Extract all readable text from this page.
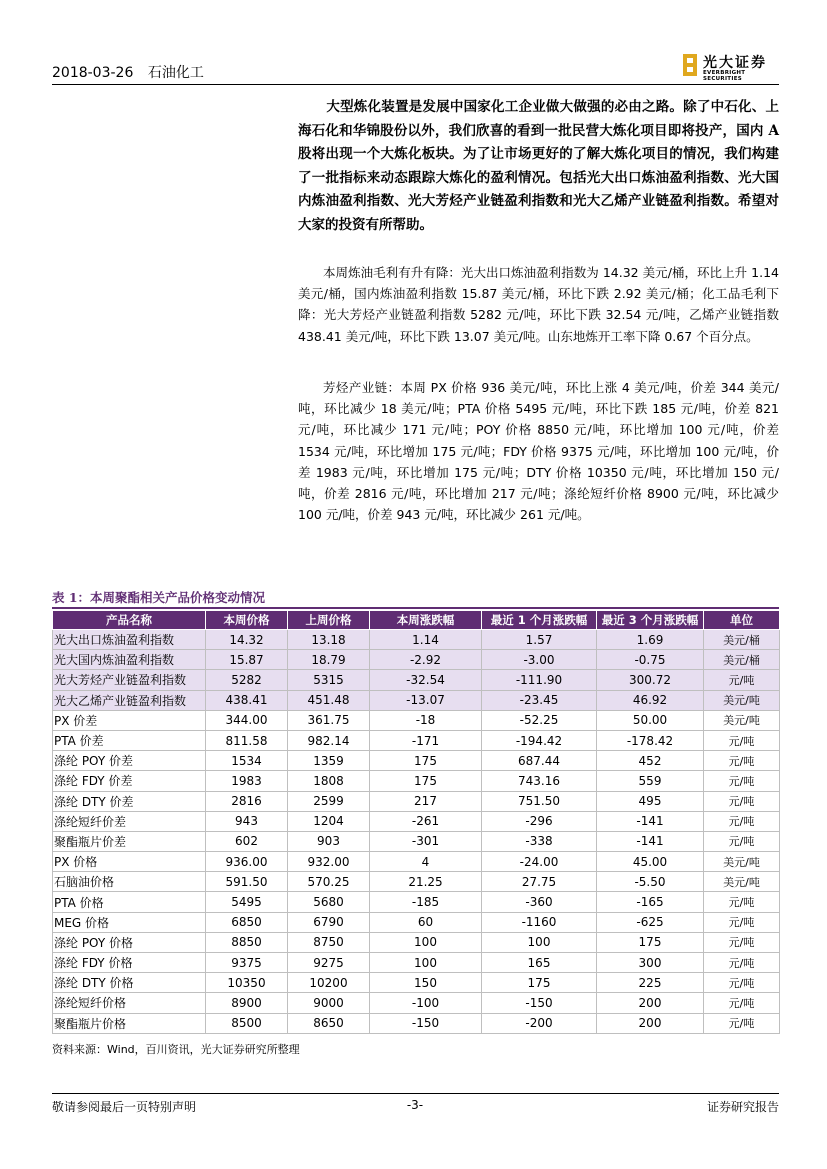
2018-03-26 石油化工
光大证券
EVERBRIGHT SECURITIES

大型炼化装置是发展中国家化工企业做大做强的必由之路。除了中石化、上海石化和华锦股份以外，我们欣喜的看到一批民营大炼化项目即将投产，国内 A 股将出现一个大炼化板块。为了让市场更好的了解大炼化项目的情况，我们构建了一批指标来动态跟踪大炼化的盈利情况。包括光大出口炼油盈利指数、光大国内炼油盈利指数、光大芳烃产业链盈利指数和光大乙烯产业链盈利指数。希望对大家的投资有所帮助。

本周炼油毛利有升有降：光大出口炼油盈利指数为 14.32 美元/桶，环比上升 1.14 美元/桶，国内炼油盈利指数 15.87 美元/桶，环比下跌 2.92 美元/桶；化工品毛利下降：光大芳烃产业链盈利指数 5282 元/吨，环比下跌 32.54 元/吨，乙烯产业链指数 438.41 美元/吨，环比下跌 13.07 美元/吨。山东地炼开工率下降 0.67 个百分点。

芳烃产业链：本周 PX 价格 936 美元/吨，环比上涨 4 美元/吨，价差 344 美元/吨，环比减少 18 美元/吨；PTA 价格 5495 元/吨，环比下跌 185 元/吨，价差 821 元/吨，环比减少 171 元/吨；POY 价格 8850 元/吨，环比增加 100 元/吨，价差 1534 元/吨，环比增加 175 元/吨；FDY 价格 9375 元/吨，环比增加 100 元/吨，价差 1983 元/吨，环比增加 175 元/吨；DTY 价格 10350 元/吨，环比增加 150 元/吨，价差 2816 元/吨，环比增加 217 元/吨；涤纶短纤价格 8900 元/吨，环比减少 100 元/吨，价差 943 元/吨，环比减少 261 元/吨。

表 1：本周聚酯相关产品价格变动情况
产品名称	本周价格	上周价格	本周涨跌幅	最近 1 个月涨跌幅	最近 3 个月涨跌幅	单位
光大出口炼油盈利指数	14.32	13.18	1.14	1.57	1.69	美元/桶
光大国内炼油盈利指数	15.87	18.79	-2.92	-3.00	-0.75	美元/桶
光大芳烃产业链盈利指数	5282	5315	-32.54	-111.90	300.72	元/吨
光大乙烯产业链盈利指数	438.41	451.48	-13.07	-23.45	46.92	美元/吨
PX 价差	344.00	361.75	-18	-52.25	50.00	美元/吨
PTA 价差	811.58	982.14	-171	-194.42	-178.42	元/吨
涤纶 POY 价差	1534	1359	175	687.44	452	元/吨
涤纶 FDY 价差	1983	1808	175	743.16	559	元/吨
涤纶 DTY 价差	2816	2599	217	751.50	495	元/吨
涤纶短纤价差	943	1204	-261	-296	-141	元/吨
聚酯瓶片价差	602	903	-301	-338	-141	元/吨
PX 价格	936.00	932.00	4	-24.00	45.00	美元/吨
石脑油价格	591.50	570.25	21.25	27.75	-5.50	美元/吨
PTA 价格	5495	5680	-185	-360	-165	元/吨
MEG 价格	6850	6790	60	-1160	-625	元/吨
涤纶 POY 价格	8850	8750	100	100	175	元/吨
涤纶 FDY 价格	9375	9275	100	165	300	元/吨
涤纶 DTY 价格	10350	10200	150	175	225	元/吨
涤纶短纤价格	8900	9000	-100	-150	200	元/吨
聚酯瓶片价格	8500	8650	-150	-200	200	元/吨
资料来源：Wind，百川资讯，光大证券研究所整理
敬请参阅最后一页特别声明	-3-	证券研究报告
